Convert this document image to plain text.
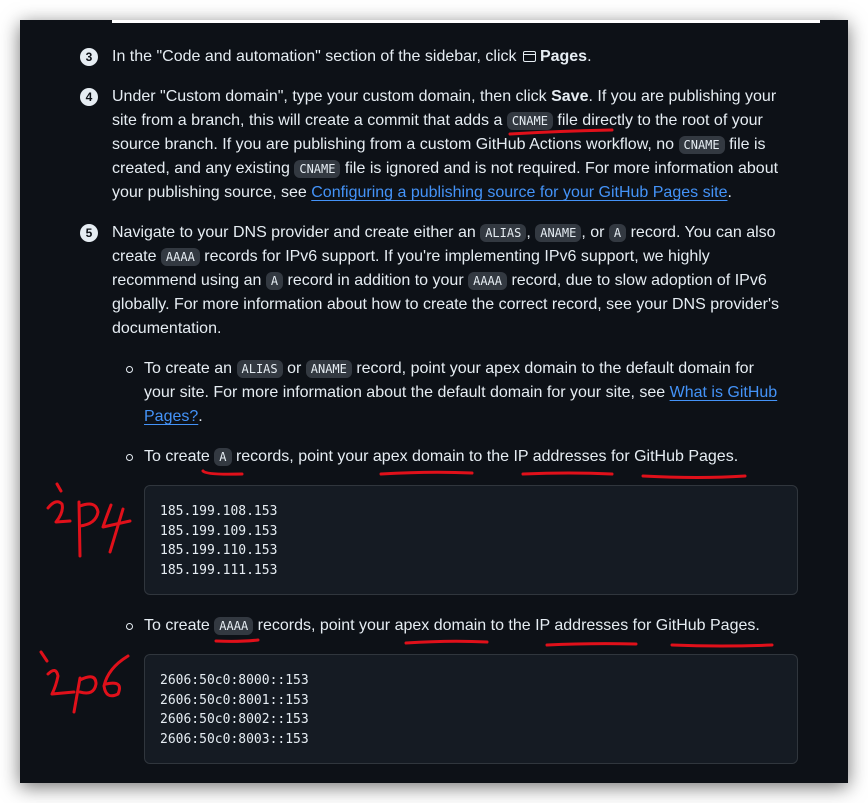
3	In the "Code and automation" section of the sidebar, click Pages.
4	Under "Custom domain", type your custom domain, then click Save. If you are publishing your
site from a branch, this will create a commit that adds a CNAME file directly to the root of your
source branch. If you are publishing from a custom GitHub Actions workflow, no CNAME file is
created, and any existing CNAME file is ignored and is not required. For more information about
your publishing source, see Configuring a publishing source for your GitHub Pages site.
5	Navigate to your DNS provider and create either an ALIAS , ANAME , or A record. You can also
create AAAA records for IPv6 support. If you're implementing IPv6 support, we highly
recommend using an A record in addition to your AAAA record, due to slow adoption of IPv6
globally. For more information about how to create the correct record, see your DNS provider's
documentation.
To create an ALIAS or ANAME record, point your apex domain to the default domain for
your site. For more information about the default domain for your site, see What is GitHub
Pages?.
To create A records, point your apex domain to the IP addresses for GitHub Pages.
185.199.108.153
185.199.109.153
185.199.110.153
185.199.111.153
To create AAAA records, point your apex domain to the IP addresses for GitHub Pages.
2606:50c0:8000::153
2606:50c0:8001::153
2606:50c0:8002::153
2606:50c0:8003::153
